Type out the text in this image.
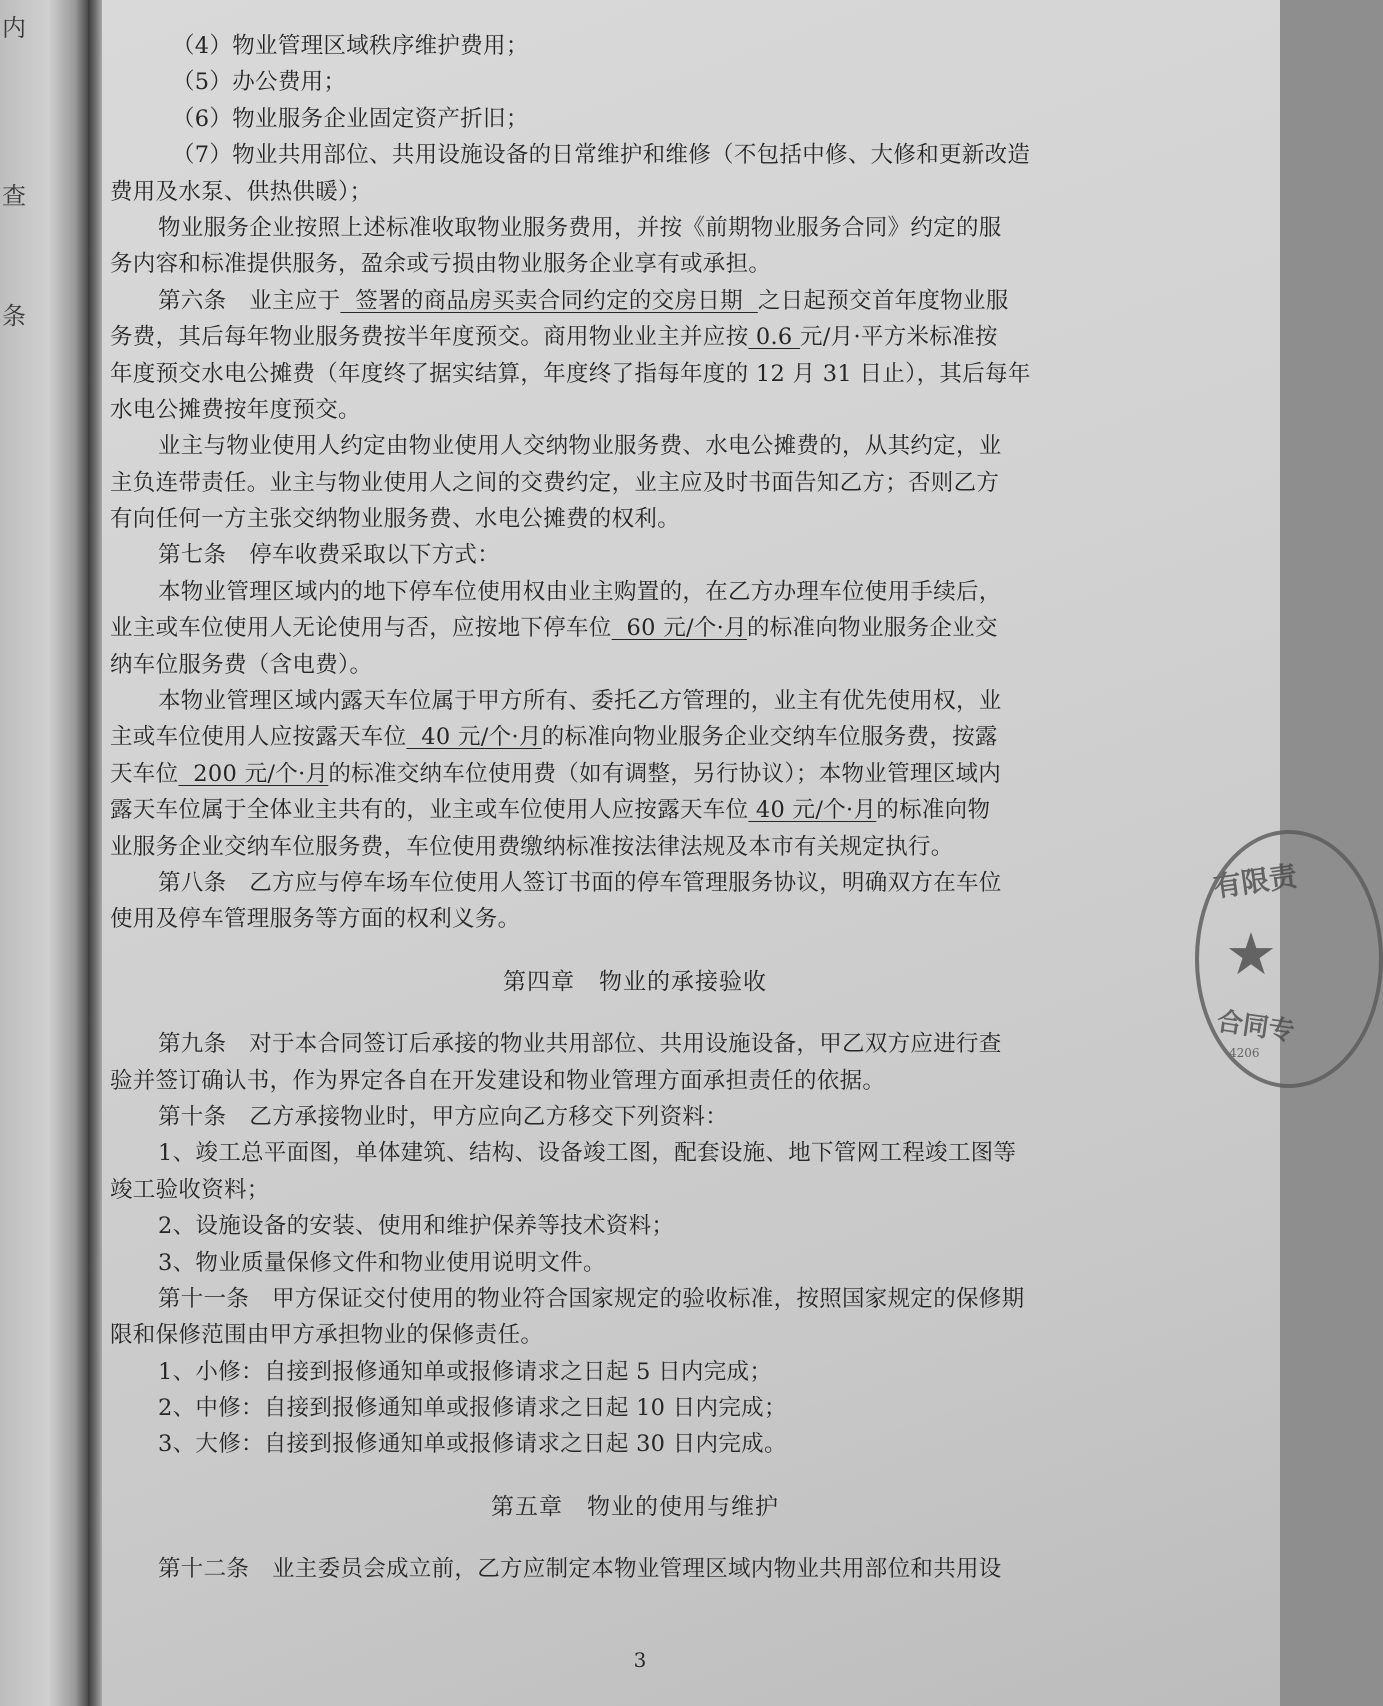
内
查
条
（4）物业管理区域秩序维护费用；
（5）办公费用；
（6）物业服务企业固定资产折旧；
（7）物业共用部位、共用设施设备的日常维护和维修（不包括中修、大修和更新改造
费用及水泵、供热供暖）；
物业服务企业按照上述标准收取物业服务费用，并按《前期物业服务合同》约定的服
务内容和标准提供服务，盈余或亏损由物业服务企业享有或承担。
第六条　业主应于  签署的商品房买卖合同约定的交房日期  之日起预交首年度物业服
务费，其后每年物业服务费按半年度预交。商用物业业主并应按 0.6 元/月·平方米标准按
年度预交水电公摊费（年度终了据实结算，年度终了指每年度的 12 月 31 日止），其后每年
水电公摊费按年度预交。
业主与物业使用人约定由物业使用人交纳物业服务费、水电公摊费的，从其约定，业
主负连带责任。业主与物业使用人之间的交费约定，业主应及时书面告知乙方；否则乙方
有向任何一方主张交纳物业服务费、水电公摊费的权利。
第七条　停车收费采取以下方式：
本物业管理区域内的地下停车位使用权由业主购置的，在乙方办理车位使用手续后，
业主或车位使用人无论使用与否，应按地下停车位  60 元/个·月的标准向物业服务企业交
纳车位服务费（含电费）。
本物业管理区域内露天车位属于甲方所有、委托乙方管理的，业主有优先使用权，业
主或车位使用人应按露天车位  40 元/个·月的标准向物业服务企业交纳车位服务费，按露
天车位  200 元/个·月的标准交纳车位使用费（如有调整，另行协议）；本物业管理区域内
露天车位属于全体业主共有的，业主或车位使用人应按露天车位 40 元/个·月的标准向物
业服务企业交纳车位服务费，车位使用费缴纳标准按法律法规及本市有关规定执行。
第八条　乙方应与停车场车位使用人签订书面的停车管理服务协议，明确双方在车位
使用及停车管理服务等方面的权利义务。
第四章　物业的承接验收
第九条　对于本合同签订后承接的物业共用部位、共用设施设备，甲乙双方应进行查
验并签订确认书，作为界定各自在开发建设和物业管理方面承担责任的依据。
第十条　乙方承接物业时，甲方应向乙方移交下列资料：
1、竣工总平面图，单体建筑、结构、设备竣工图，配套设施、地下管网工程竣工图等
竣工验收资料；
2、设施设备的安装、使用和维护保养等技术资料；
3、物业质量保修文件和物业使用说明文件。
第十一条　甲方保证交付使用的物业符合国家规定的验收标准，按照国家规定的保修期
限和保修范围由甲方承担物业的保修责任。
1、小修：自接到报修通知单或报修请求之日起 5 日内完成；
2、中修：自接到报修通知单或报修请求之日起 10 日内完成；
3、大修：自接到报修通知单或报修请求之日起 30 日内完成。
第五章　物业的使用与维护
第十二条　业主委员会成立前，乙方应制定本物业管理区域内物业共用部位和共用设
有限责
★
合同专
4206
3
